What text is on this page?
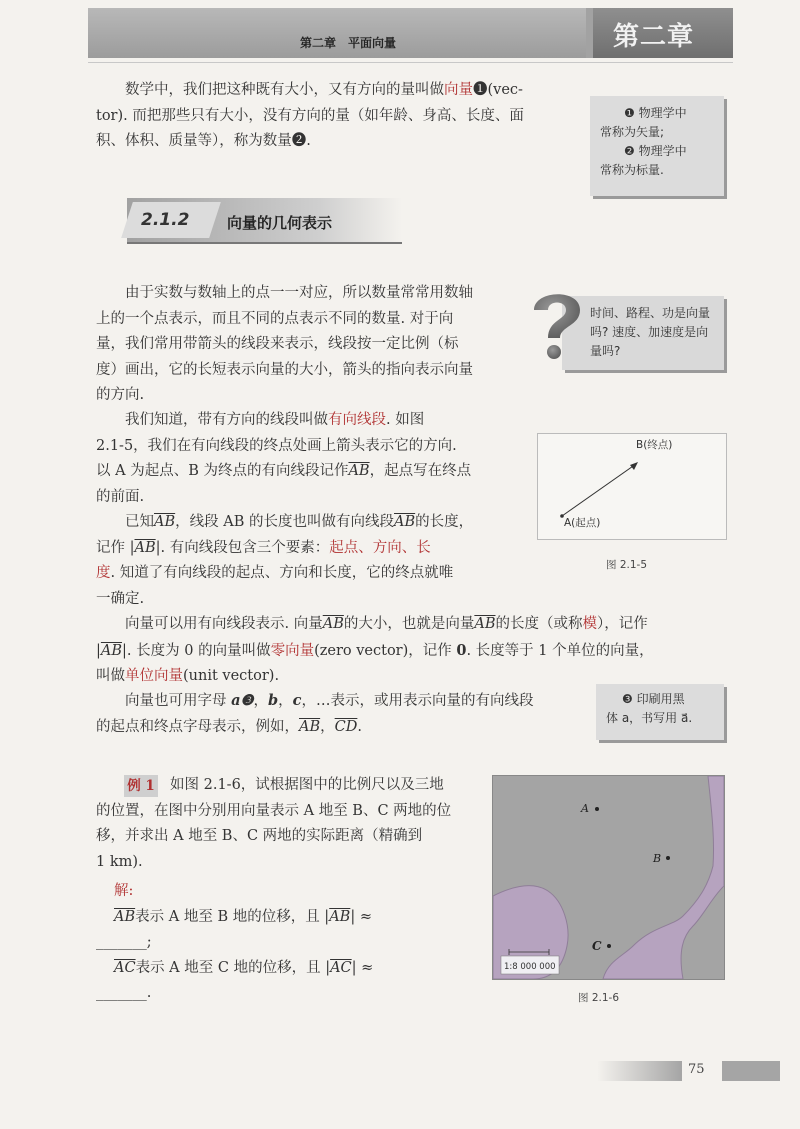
第二章　平面向量	第二章
数学中，我们把这种既有大小，又有方向的量叫做向量❶(vec-
tor). 而把那些只有大小，没有方向的量（如年龄、身高、长度、面
积、体积、质量等），称为数量❷.
❶ 物理学中
常称为矢量;
❷ 物理学中
常称为标量.
2.1.2	向量的几何表示
由于实数与数轴上的点一一对应，所以数量常常用数轴
上的一个点表示，而且不同的点表示不同的数量. 对于向
量，我们常用带箭头的线段来表示，线段按一定比例（标
度）画出，它的长短表示向量的大小，箭头的指向表示向量
的方向.
时间、路程、功是向量吗? 速度、加速度是向量吗?
我们知道，带有方向的线段叫做有向线段. 如图
2.1-5，我们在有向线段的终点处画上箭头表示它的方向.
以 A 为起点、B 为终点的有向线段记作$\overline{AB}$，起点写在终点
的前面.
B(终点)
A(起点)
图 2.1-5
已知$\overline{AB}$，线段 AB 的长度也叫做有向线段$\overline{AB}$的长度，
记作 $|\overline{AB}|$. 有向线段包含三个要素：起点、方向、长
度. 知道了有向线段的起点、方向和长度，它的终点就唯
一确定.
向量可以用有向线段表示. 向量$\overline{AB}$的大小，也就是向量$\overline{AB}$的长度（或称模），记作
$|\overline{AB}|$. 长度为 0 的向量叫做零向量(zero vector)，记作 0. 长度等于 1 个单位的向量，
叫做单位向量(unit vector).
向量也可用字母 a❸，b，c，…表示，或用表示向量的有向线段
的起点和终点字母表示，例如，$\overline{AB}$，$\overline{CD}$.
❸ 印刷用黑
体 a，书写用 a⃗.
例 1	如图 2.1-6，试根据图中的比例尺以及三地
的位置，在图中分别用向量表示 A 地至 B、C 两地的位
移，并求出 A 地至 B、C 两地的实际距离（精确到
1 km).
解:
$\overline{AB}$表示 A 地至 B 地的位移，且 $|\overline{AB}|$ ≈
_______;
$\overline{AC}$表示 A 地至 C 地的位移，且 $|\overline{AC}|$ ≈
_______.
1:8 000 000
A
B
C
图 2.1-6
75
